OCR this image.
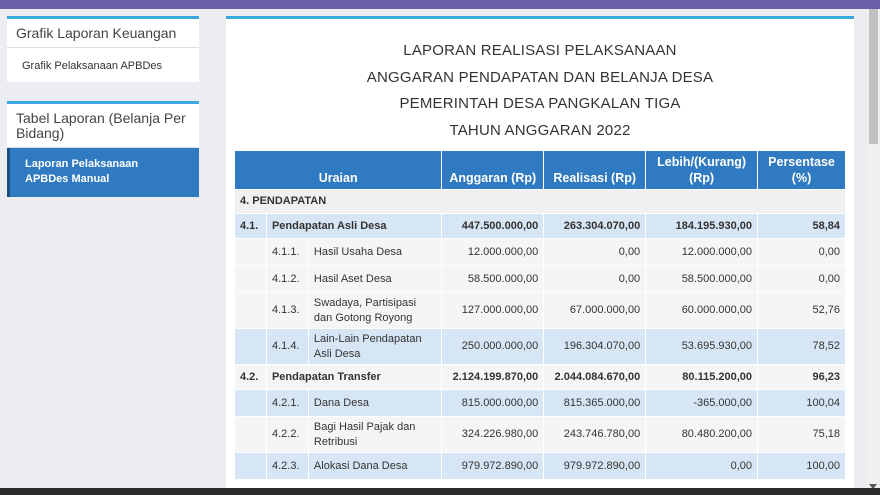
Grafik Laporan Keuangan
Grafik Pelaksanaan APBDes
Tabel Laporan (Belanja Per Bidang)
Laporan Pelaksanaan APBDes Manual
LAPORAN REALISASI PELAKSANAAN
ANGGARAN PENDAPATAN DAN BELANJA DESA
PEMERINTAH DESA PANGKALAN TIGA
TAHUN ANGGARAN 2022
Uraian			Anggaran (Rp)	Realisasi (Rp)	Lebih/(Kurang) (Rp)	Persentase (%)
4. PENDAPATAN						
4.1.	Pendapatan Asli Desa		447.500.000,00	263.304.070,00	184.195.930,00	58,84
	4.1.1.	Hasil Usaha Desa	12.000.000,00	0,00	12.000.000,00	0,00
	4.1.2.	Hasil Aset Desa	58.500.000,00	0,00	58.500.000,00	0,00
	4.1.3.	Swadaya, Partisipasi dan Gotong Royong	127.000.000,00	67.000.000,00	60.000.000,00	52,76
	4.1.4.	Lain-Lain Pendapatan Asli Desa	250.000.000,00	196.304.070,00	53.695.930,00	78,52
4.2.	Pendapatan Transfer		2.124.199.870,00	2.044.084.670,00	80.115.200,00	96,23
	4.2.1.	Dana Desa	815.000.000,00	815.365.000,00	-365.000,00	100,04
	4.2.2.	Bagi Hasil Pajak dan Retribusi	324.226.980,00	243.746.780,00	80.480.200,00	75,18
	4.2.3.	Alokasi Dana Desa	979.972.890,00	979.972.890,00	0,00	100,00
